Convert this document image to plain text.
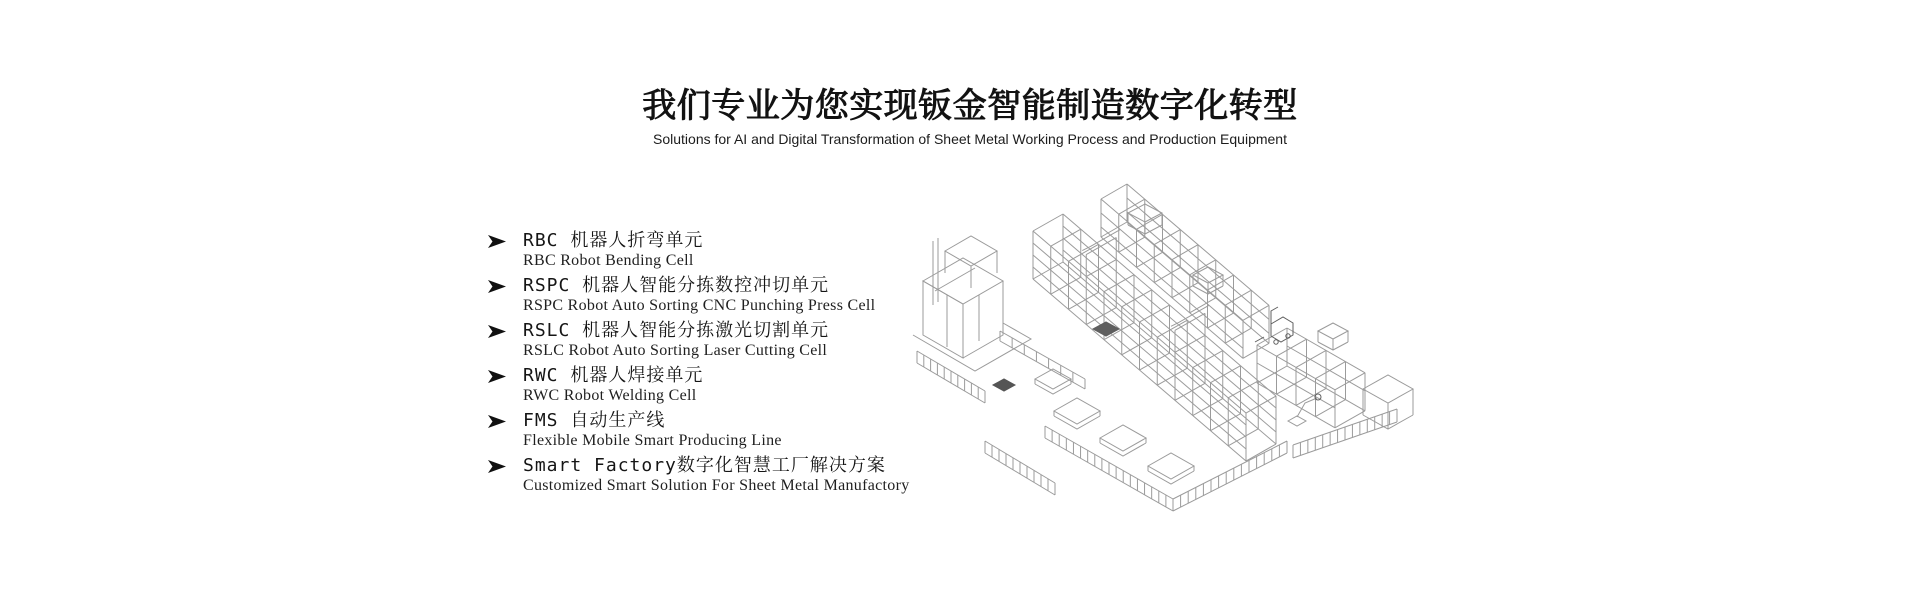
我们专业为您实现钣金智能制造数字化转型

Solutions for AI and Digital Transformation of Sheet Metal Working Process and Production Equipment

RBC 机器人折弯单元
RBC Robot Bending Cell
RSPC 机器人智能分拣数控冲切单元
RSPC Robot Auto Sorting CNC Punching Press Cell
RSLC 机器人智能分拣激光切割单元
RSLC Robot Auto Sorting Laser Cutting Cell
RWC 机器人焊接单元
RWC Robot Welding Cell
FMS 自动生产线
Flexible Mobile Smart Producing Line
Smart Factory数字化智慧工厂解决方案
Customized Smart Solution For Sheet Metal Manufactory
